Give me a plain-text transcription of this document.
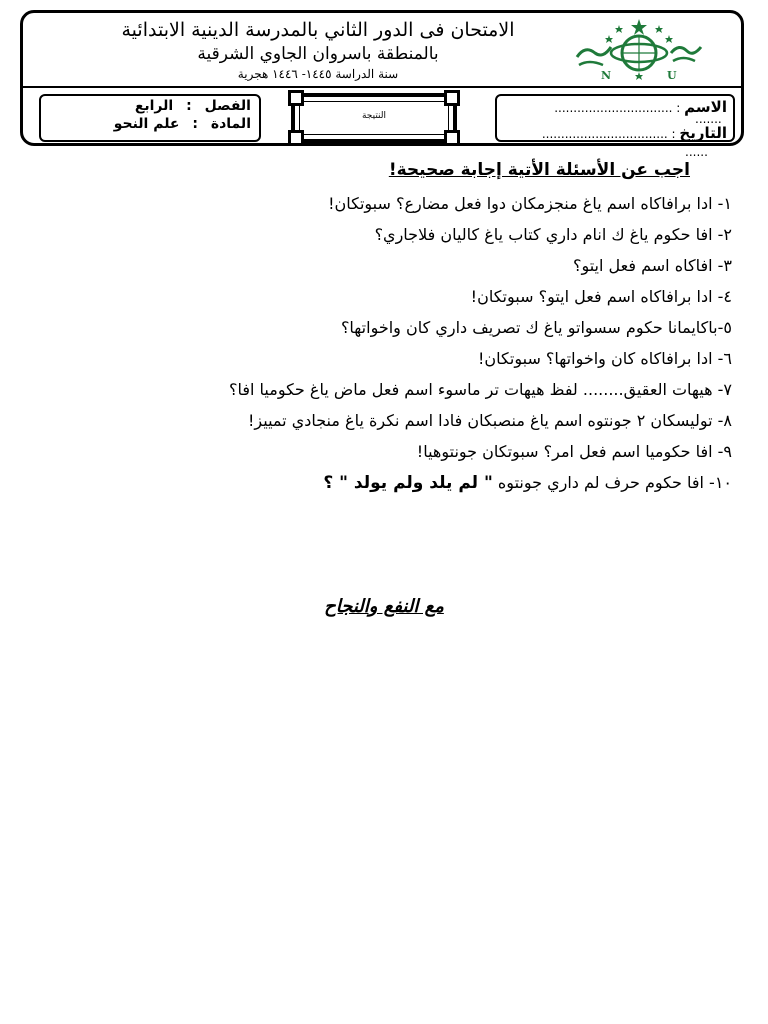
الامتحان فى الدور الثاني بالمدرسة الدينية الابتدائية
بالمنطقة باسروان الجاوي الشرقية
سنة الدراسة ١٤٤٥- ١٤٤٦ هجرية	N	U
الاسم : ...............................
.......
التاريخ : .................................
......
النتيجة
الفصل : الرابع
المادة : علم النحو
اجب عن الأسئلة الأتية إجابة صحيحة!
١- ادا برافاكاه اسم ياغ منجزمكان دوا فعل مضارع؟ سبوتكان!
٢- افا حكوم ياغ ك انام داري كتاب ياغ كاليان فلاجاري؟
٣- افاكاه اسم فعل ايتو؟
٤- ادا برافاكاه اسم فعل ايتو؟ سبوتكان!
٥-باكايمانا حكوم سسواتو ياغ ك تصريف داري كان واخواتها؟
٦- ادا برافاكاه كان واخواتها؟ سبوتكان!
٧- هيهات العقيق........ لفظ هيهات تر ماسوء اسم فعل ماض ياغ حكوميا افا؟
٨- توليسكان ٢ جونتوه اسم ياغ منصبكان فادا اسم نكرة ياغ منجادي تمييز!
٩- افا حكوميا اسم فعل امر؟ سبوتكان جونتوهيا!
١٠- افا حكوم حرف لم داري جونتوه " لم يلد ولم يولد " ؟
مع النفع والنجاح
